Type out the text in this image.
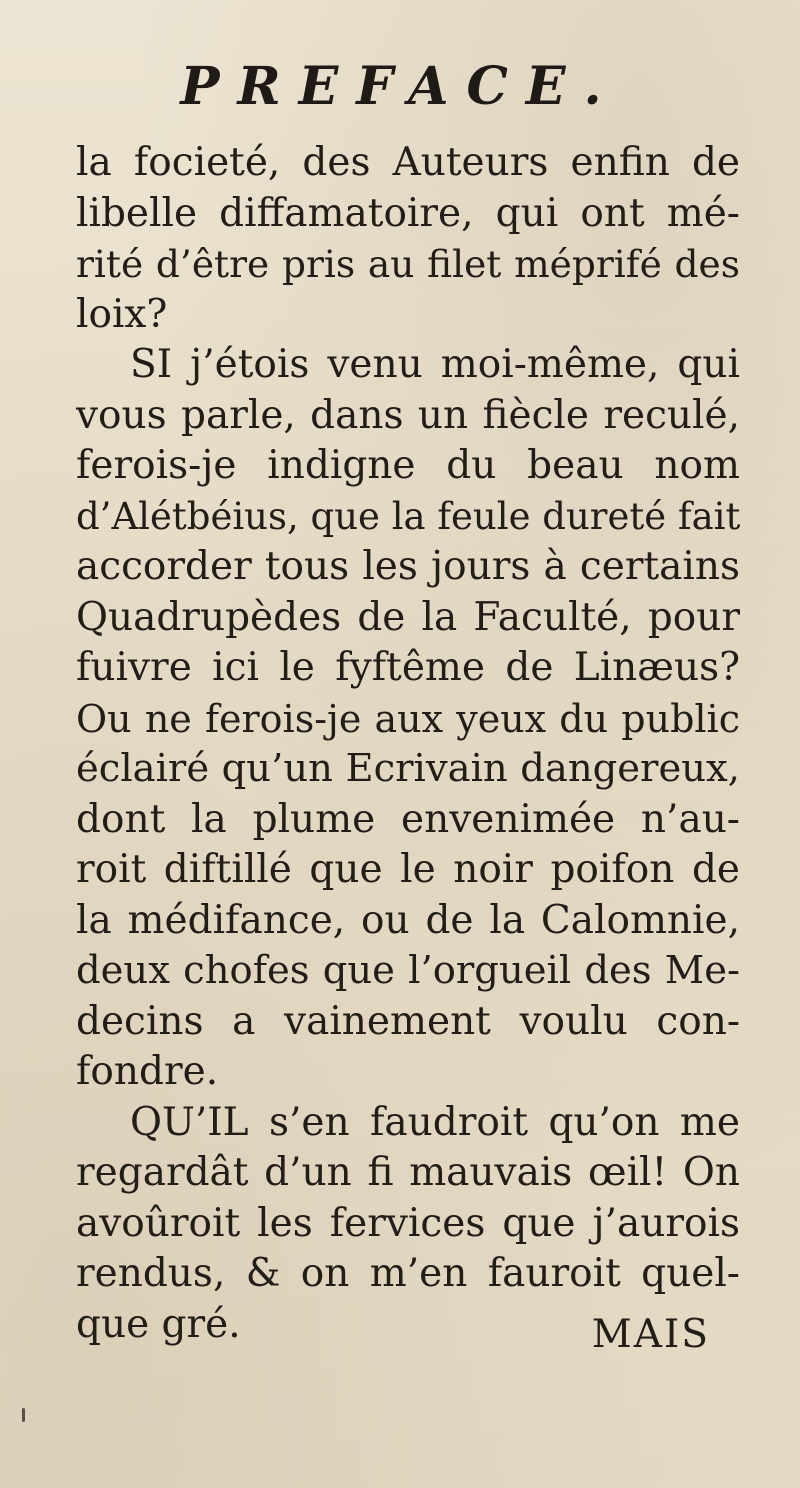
PREFACE.
la focieté, des Auteurs enfin de
libelle diffamatoire, qui ont mé-
rité d’être pris au filet méprifé des
loix?
SI j’étois venu moi-même, qui
vous parle, dans un fiècle reculé,
ferois-je indigne du beau nom
d’Alétbéius, que la feule dureté fait
accorder tous les jours à certains
Quadrupèdes de la Faculté, pour
fuivre ici le fyftême de Linæus?
Ou ne ferois-je aux yeux du public
éclairé qu’un Ecrivain dangereux,
dont la plume envenimée n’au-
roit diftillé que le noir poifon de
la médifance, ou de la Calomnie,
deux chofes que l’orgueil des Me-
decins a vainement voulu con-
fondre.
QU’IL s’en faudroit qu’on me
regardât d’un fi mauvais œil! On
avoûroit les fervices que j’aurois
rendus, & on m’en fauroit quel-
que gré.	MAIS
